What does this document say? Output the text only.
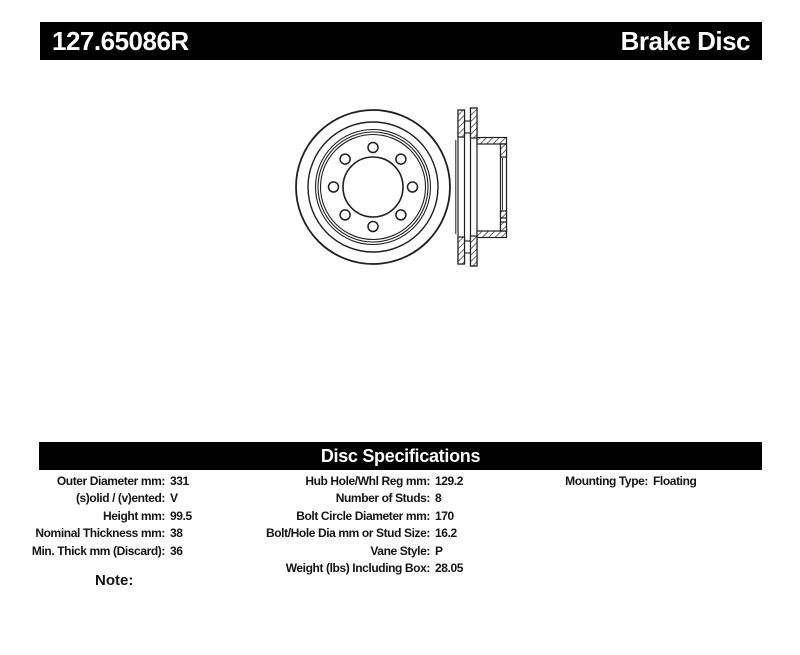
127.65086R	Brake Disc
Disc Specifications
Outer Diameter mm: 331
(s)olid / (v)ented: V
Height mm: 99.5
Nominal Thickness mm: 38
Min. Thick mm (Discard): 36
Hub Hole/Whl Reg mm: 129.2
Number of Studs: 8
Bolt Circle Diameter mm: 170
Bolt/Hole Dia mm or Stud Size: 16.2
Vane Style: P
Weight (lbs) Including Box: 28.05
Mounting Type: Floating
Note:
